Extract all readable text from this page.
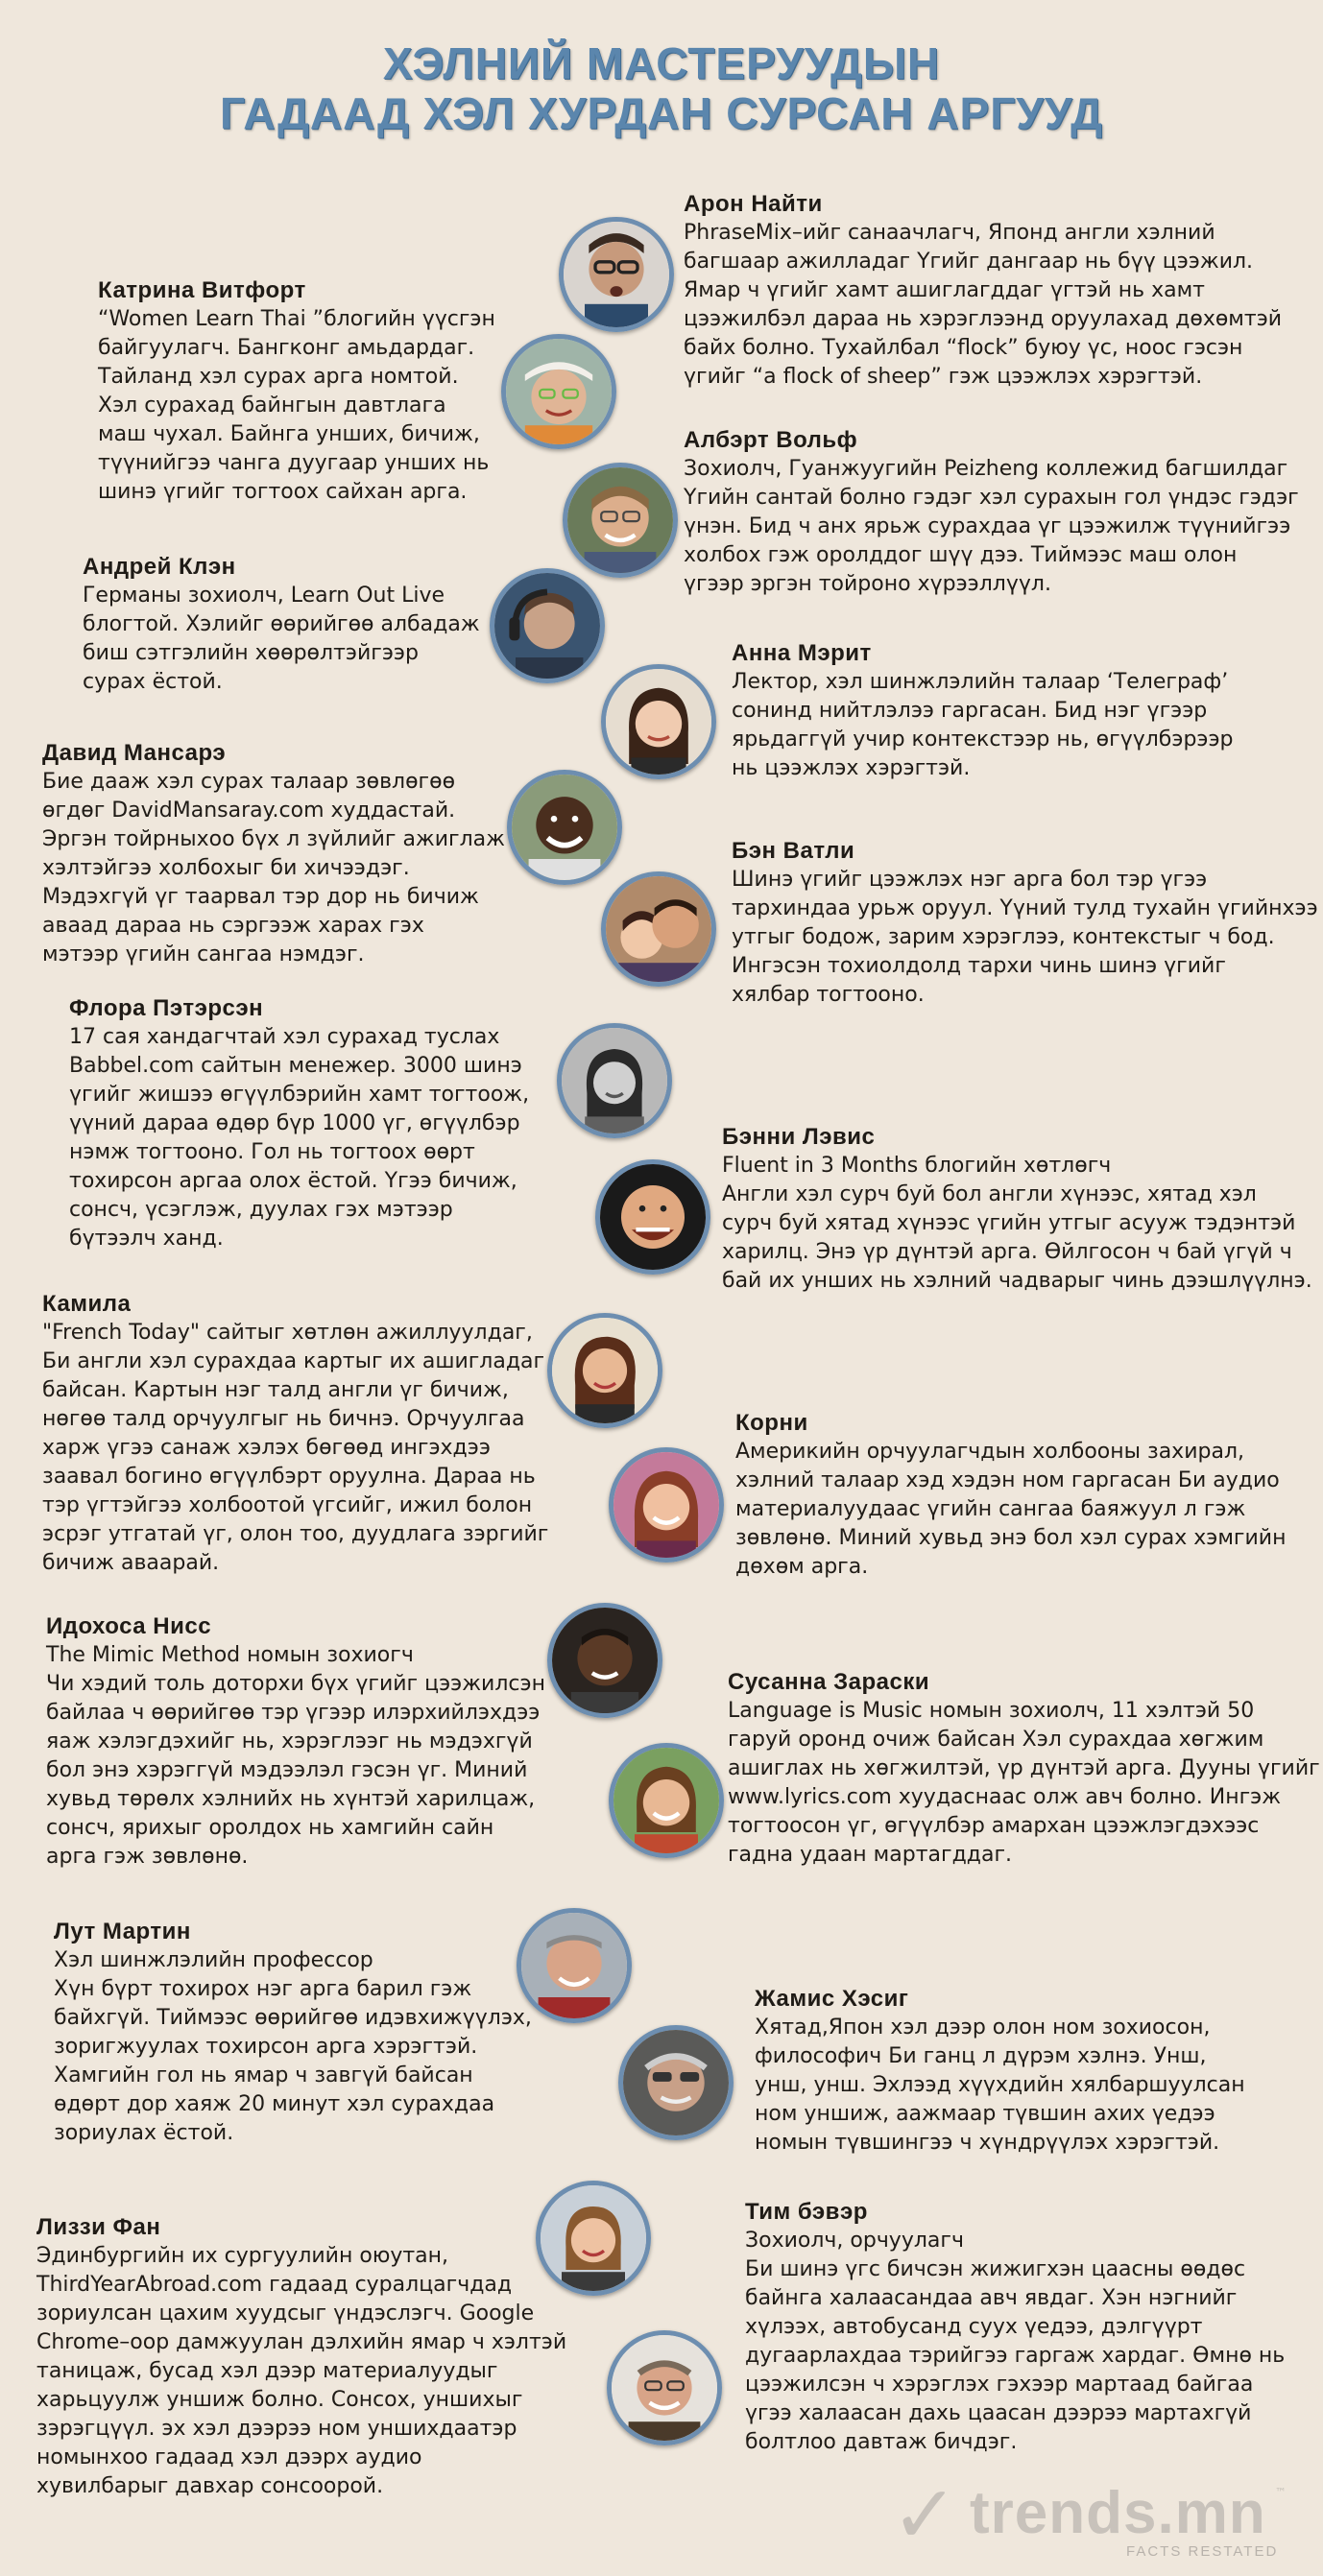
ХЭЛНИЙ МАСТЕРУУДЫН
ГАДААД ХЭЛ ХУРДАН СУРСАН АРГУУД
Арон Найти
PhraseMix–ийг санаачлагч, Японд англи хэлний
багшаар ажилладаг Үгийг дангаар нь бүү цээжил.
Ямар ч үгийг хамт ашиглагддаг үгтэй нь хамт
цээжилбэл дараа нь хэрэглээнд оруулахад дөхөмтэй
байх болно. Тухайлбал “flock” буюу үс, ноос гэсэн
үгийг “a flock of sheep” гэж цээжлэх хэрэгтэй.
Катрина Витфорт
“Women Learn Thai ”блогийн үүсгэн
байгуулагч. Бангконг амьдардаг.
Тайланд хэл сурах арга номтой.
Хэл сурахад байнгын давтлага
маш чухал. Байнга унших, бичиж,
түүнийгээ чанга дуугаар унших нь
шинэ үгийг тогтоох сайхан арга.
Албэрт Вольф
Зохиолч, Гуанжуугийн Peizheng коллежид багшилдаг
Үгийн сантай болно гэдэг хэл сурахын гол үндэс гэдэг
үнэн. Бид ч анх ярьж сурахдаа үг цээжилж түүнийгээ
холбох гэж оролддог шүү дээ. Тиймээс маш олон
үгээр эргэн тойроно хүрээллүүл.
Андрей Клэн
Германы зохиолч, Learn Out Live
блогтой. Хэлийг өөрийгөө албадаж
биш сэтгэлийн хөөрөлтэйгээр
сурах ёстой.
Анна Мэрит
Лектор, хэл шинжлэлийн талаар ‘Телеграф’
сонинд нийтлэлээ гаргасан. Бид нэг үгээр
ярьдаггүй учир контекстээр нь, өгүүлбэрээр
нь цээжлэх хэрэгтэй.
Давид Мансарэ
Бие дааж хэл сурах талаар зөвлөгөө
өгдөг DavidMansaray.com худдастай.
Эргэн тойрныхоо бүх л зүйлийг ажиглаж
хэлтэйгээ холбохыг би хичээдэг.
Мэдэхгүй үг таарвал тэр дор нь бичиж
аваад дараа нь сэргээж харах гэх
мэтээр үгийн сангаа нэмдэг.
Бэн Ватли
Шинэ үгийг цээжлэх нэг арга бол тэр үгээ
тархиндаа урьж оруул. Үүний тулд тухайн үгийнхээ
утгыг бодож, зарим хэрэглээ, контекстыг ч бод.
Ингэсэн тохиолдолд тархи чинь шинэ үгийг
хялбар тогтооно.
Флора Пэтэрсэн
17 сая хандагчтай хэл сурахад туслах
Babbel.com сайтын менежер. 3000 шинэ
үгийг жишээ өгүүлбэрийн хамт тогтоож,
үүний дараа өдөр бүр 1000 үг, өгүүлбэр
нэмж тогтооно. Гол нь тогтоох өөрт
тохирсон аргаа олох ёстой. Үгээ бичиж,
сонсч, үсэглэж, дуулах гэх мэтээр
бүтээлч ханд.
Бэнни Лэвис
Fluent in 3 Months блогийн хөтлөгч
Англи хэл сурч буй бол англи хүнээс, хятад хэл
сурч буй хятад хүнээс үгийн утгыг асууж тэдэнтэй
харилц. Энэ үр дүнтэй арга. Өйлгосон ч бай үгүй ч
бай их унших нь хэлний чадварыг чинь дээшлүүлнэ.
Камила
"French Today" сайтыг хөтлөн ажиллуулдаг,
Би англи хэл сурахдаа картыг их ашигладаг
байсан. Картын нэг талд англи үг бичиж,
нөгөө талд орчуулгыг нь бичнэ. Орчуулгаа
харж үгээ санаж хэлэх бөгөөд ингэхдээ
заавал богино өгүүлбэрт оруулна. Дараа нь
тэр үгтэйгээ холбоотой үгсийг, ижил болон
эсрэг утгатай үг, олон тоо, дуудлага зэргийг
бичиж аваарай.
Корни
Америкийн орчуулагчдын холбооны захирал,
хэлний талаар хэд хэдэн ном гаргасан Би аудио
материалуудаас үгийн сангаа баяжуул л гэж
зөвлөнө. Миний хувьд энэ бол хэл сурах хэмгийн
дөхөм арга.
Идохоса Нисс
The Mimic Method номын зохиогч
Чи хэдий толь доторхи бүх үгийг цээжилсэн
байлаа ч өөрийгөө тэр үгээр илэрхийлэхдээ
яаж хэлэгдэхийг нь, хэрэглээг нь мэдэхгүй
бол энэ хэрэггүй мэдээлэл гэсэн үг. Миний
хувьд төрөлх хэлнийх нь хүнтэй харилцаж,
сонсч, ярихыг оролдох нь хамгийн сайн
арга гэж зөвлөнө.
Сусанна Зараски
Language is Music номын зохиолч, 11 хэлтэй 50
гаруй оронд очиж байсан Хэл сурахдаа хөгжим
ашиглах нь хөгжилтэй, үр дүнтэй арга. Дууны үгийг
www.lyrics.com хуудаснаас олж авч болно. Ингэж
тогтоосон үг, өгүүлбэр амархан цээжлэгдэхээс
гадна удаан мартагддаг.
Лут Мартин
Хэл шинжлэлийн профессор
Хүн бүрт тохирох нэг арга барил гэж
байхгүй. Тиймээс өөрийгөө идэвхижүүлэх,
зоригжуулах тохирсон арга хэрэгтэй.
Хамгийн гол нь ямар ч завгүй байсан
өдөрт дор хаяж 20 минут хэл сурахдаа
зориулах ёстой.
Жамис Хэсиг
Хятад,Япон хэл дээр олон ном зохиосон,
философич Би ганц л дүрэм хэлнэ. Унш,
унш, унш. Эхлээд хүүхдийн хялбаршуулсан
ном уншиж, аажмаар түвшин ахих үедээ
номын түвшингээ ч хүндрүүлэх хэрэгтэй.
Лиззи Фан
Эдинбургийн их сургуулийн оюутан,
ThirdYearAbroad.com гадаад суралцагчдад
зориулсан цахим хуудсыг үндэслэгч. Google
Chrome–оор дамжуулан дэлхийн ямар ч хэлтэй
таницаж, бусад хэл дээр материалуудыг
харьцуулж уншиж болно. Сонсох, уншихыг
зэрэгцүүл. эх хэл дээрээ ном уншихдаатэр
номынхоо гадаад хэл дээрх аудио
хувилбарыг давхар сонсоорой.
Тим бэвэр
Зохиолч, орчуулагч
Би шинэ үгс бичсэн жижигхэн цаасны өөдөс
байнга халаасандаа авч явдаг. Хэн нэгнийг
хүлээх, автобусанд суух үедээ, дэлгүүрт
дугаарлахдаа тэрийгээ гаргаж хардаг. Өмнө нь
цээжилсэн ч хэрэглэх гэхээр мартаад байгаа
үгээ халаасан дахь цаасан дээрээ мартахгүй
болтлоо давтаж бичдэг.
✓ trends.mn ™
FACTS RESTATED
